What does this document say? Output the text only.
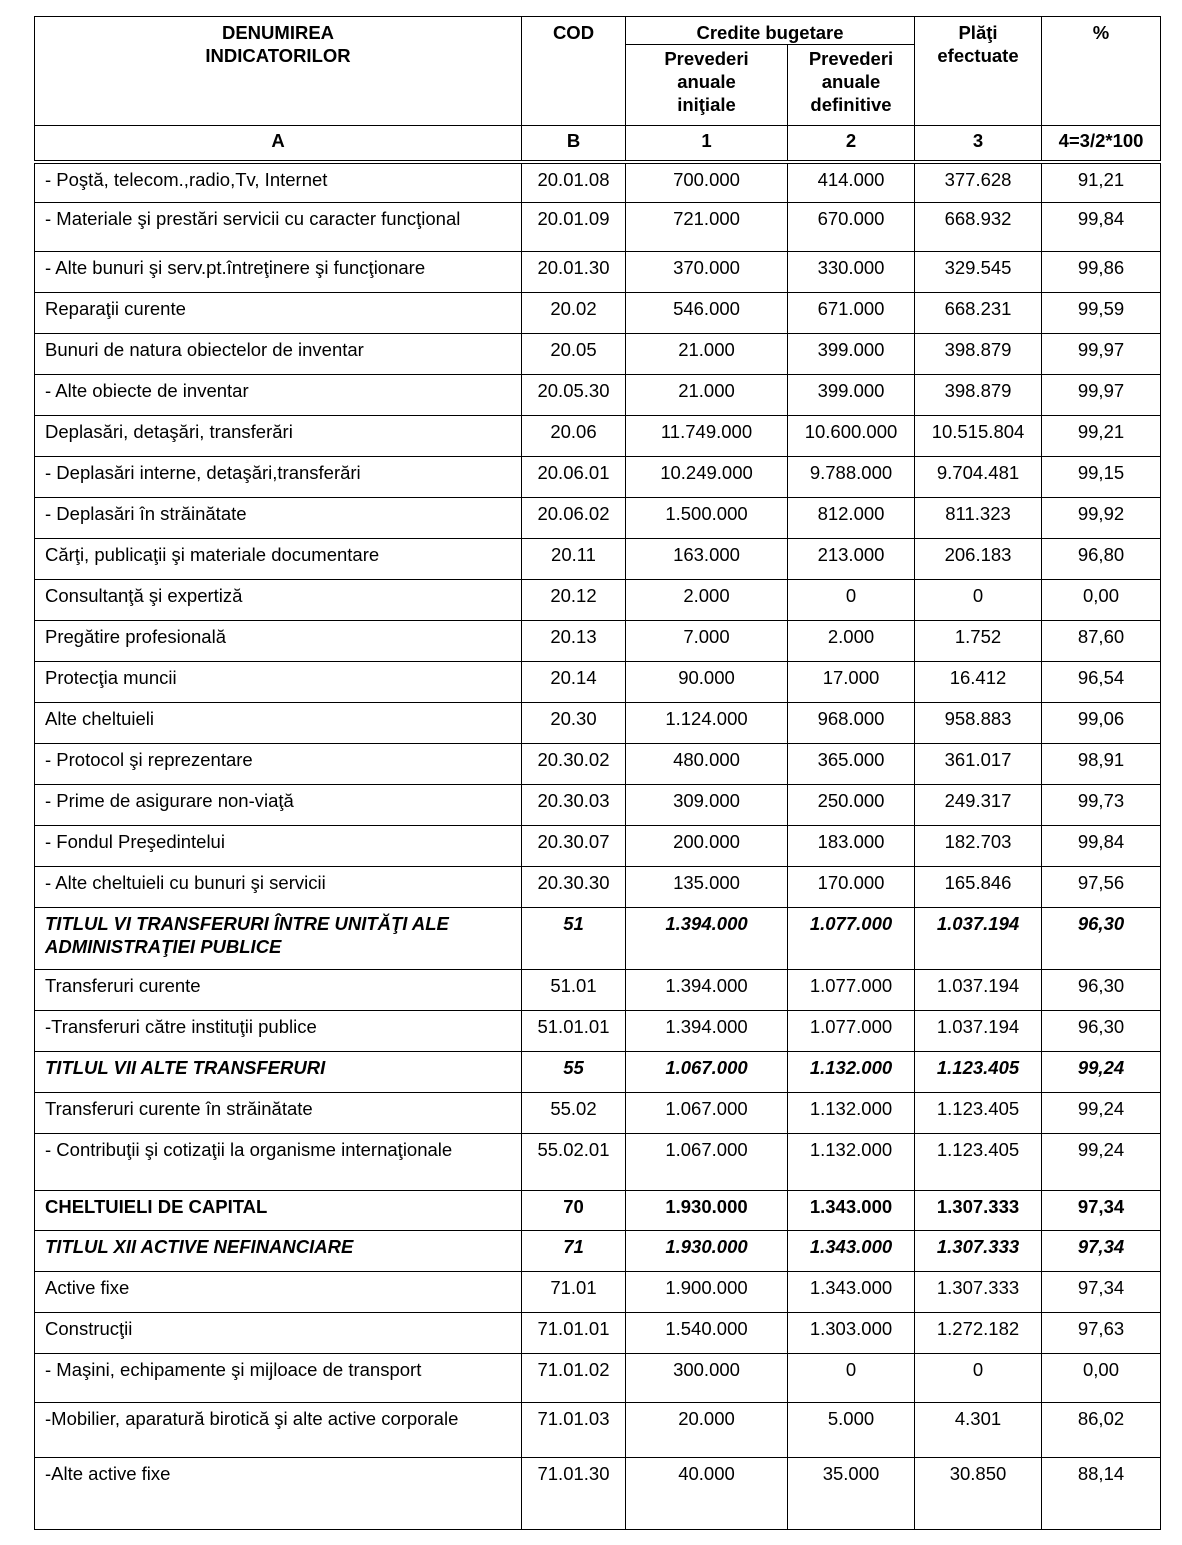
DENUMIREA INDICATORILOR	COD	Credite bugetare		Plăţi efectuate	%
		Prevederi anuale iniţiale	Prevederi anuale definitive		
A	B	1	2	3	4=3/2*100
- Poştă, telecom.,radio,Tv, Internet	20.01.08	700.000	414.000	377.628	91,21
- Materiale şi prestări servicii cu caracter funcţional	20.01.09	721.000	670.000	668.932	99,84
- Alte bunuri şi serv.pt.întreţinere şi funcţionare	20.01.30	370.000	330.000	329.545	99,86
Reparaţii curente	20.02	546.000	671.000	668.231	99,59
Bunuri de natura obiectelor de inventar	20.05	21.000	399.000	398.879	99,97
- Alte obiecte de inventar	20.05.30	21.000	399.000	398.879	99,97
Deplasări, detaşări, transferări	20.06	11.749.000	10.600.000	10.515.804	99,21
- Deplasări interne, detaşări,transferări	20.06.01	10.249.000	9.788.000	9.704.481	99,15
- Deplasări în străinătate	20.06.02	1.500.000	812.000	811.323	99,92
Cărţi, publicaţii şi materiale documentare	20.11	163.000	213.000	206.183	96,80
Consultanţă şi expertiză	20.12	2.000	0	0	0,00
Pregătire profesională	20.13	7.000	2.000	1.752	87,60
Protecţia muncii	20.14	90.000	17.000	16.412	96,54
Alte cheltuieli	20.30	1.124.000	968.000	958.883	99,06
- Protocol şi reprezentare	20.30.02	480.000	365.000	361.017	98,91
- Prime de asigurare non-viaţă	20.30.03	309.000	250.000	249.317	99,73
- Fondul Preşedintelui	20.30.07	200.000	183.000	182.703	99,84
- Alte cheltuieli cu bunuri şi servicii	20.30.30	135.000	170.000	165.846	97,56
TITLUL VI TRANSFERURI ÎNTRE UNITĂŢI ALE ADMINISTRAŢIEI PUBLICE	51	1.394.000	1.077.000	1.037.194	96,30
Transferuri curente	51.01	1.394.000	1.077.000	1.037.194	96,30
-Transferuri către instituţii publice	51.01.01	1.394.000	1.077.000	1.037.194	96,30
TITLUL VII ALTE TRANSFERURI	55	1.067.000	1.132.000	1.123.405	99,24
Transferuri curente în străinătate	55.02	1.067.000	1.132.000	1.123.405	99,24
- Contribuţii şi cotizaţii la organisme internaţionale	55.02.01	1.067.000	1.132.000	1.123.405	99,24
CHELTUIELI DE CAPITAL	70	1.930.000	1.343.000	1.307.333	97,34
TITLUL XII ACTIVE NEFINANCIARE	71	1.930.000	1.343.000	1.307.333	97,34
Active fixe	71.01	1.900.000	1.343.000	1.307.333	97,34
Construcţii	71.01.01	1.540.000	1.303.000	1.272.182	97,63
- Maşini, echipamente şi mijloace de transport	71.01.02	300.000	0	0	0,00
-Mobilier, aparatură birotică şi alte active corporale	71.01.03	20.000	5.000	4.301	86,02
-Alte active fixe	71.01.30	40.000	35.000	30.850	88,14
